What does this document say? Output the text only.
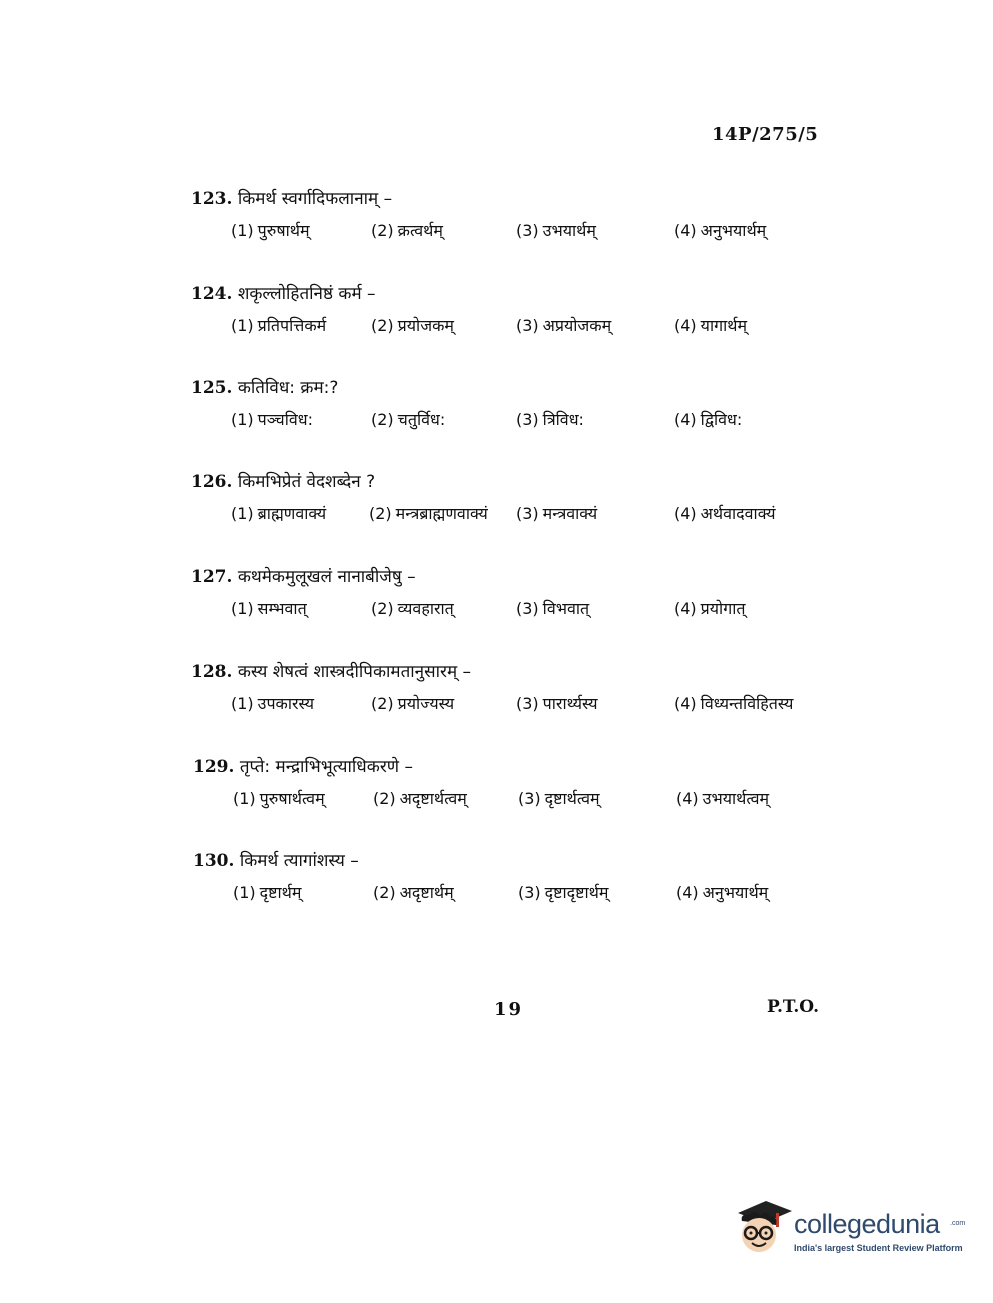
14P/275/5
123. किमर्थ स्वर्गादिफलानाम् –
(1) पुरुषार्थम्	(2) क्रत्वर्थम्	(3) उभयार्थम्	(4) अनुभयार्थम्
124. शकृल्लोहितनिष्ठं कर्म –
(1) प्रतिपत्तिकर्म	(2) प्रयोजकम्	(3) अप्रयोजकम्	(4) यागार्थम्
125. कतिविध: क्रम:?
(1) पञ्चविध:	(2) चतुर्विध:	(3) त्रिविध:	(4) द्विविध:
126. किमभिप्रेतं वेदशब्देन ?
(1) ब्राह्मणवाक्यं	(2) मन्त्रब्राह्मणवाक्यं (3) मन्त्रवाक्यं	(4) अर्थवादवाक्यं
127. कथमेकमुलूखलं नानाबीजेषु –
(1) सम्भवात्	(2) व्यवहारात्	(3) विभवात्	(4) प्रयोगात्
128. कस्य शेषत्वं शास्त्रदीपिकामतानुसारम् –
(1) उपकारस्य	(2) प्रयोज्यस्य	(3) पारार्थ्यस्य	(4) विध्यन्तविहितस्य
129. तृप्ते: मन्द्राभिभूत्याधिकरणे –
(1) पुरुषार्थत्वम्	(2) अदृष्टार्थत्वम्	(3) दृष्टार्थत्वम्	(4) उभयार्थत्वम्
130. किमर्थ त्यागांशस्य –
(1) दृष्टार्थम्	(2) अदृष्टार्थम्	(3) दृष्टादृष्टार्थम्	(4) अनुभयार्थम्
19	P.T.O.
collegedunia .com
India's largest Student Review Platform
